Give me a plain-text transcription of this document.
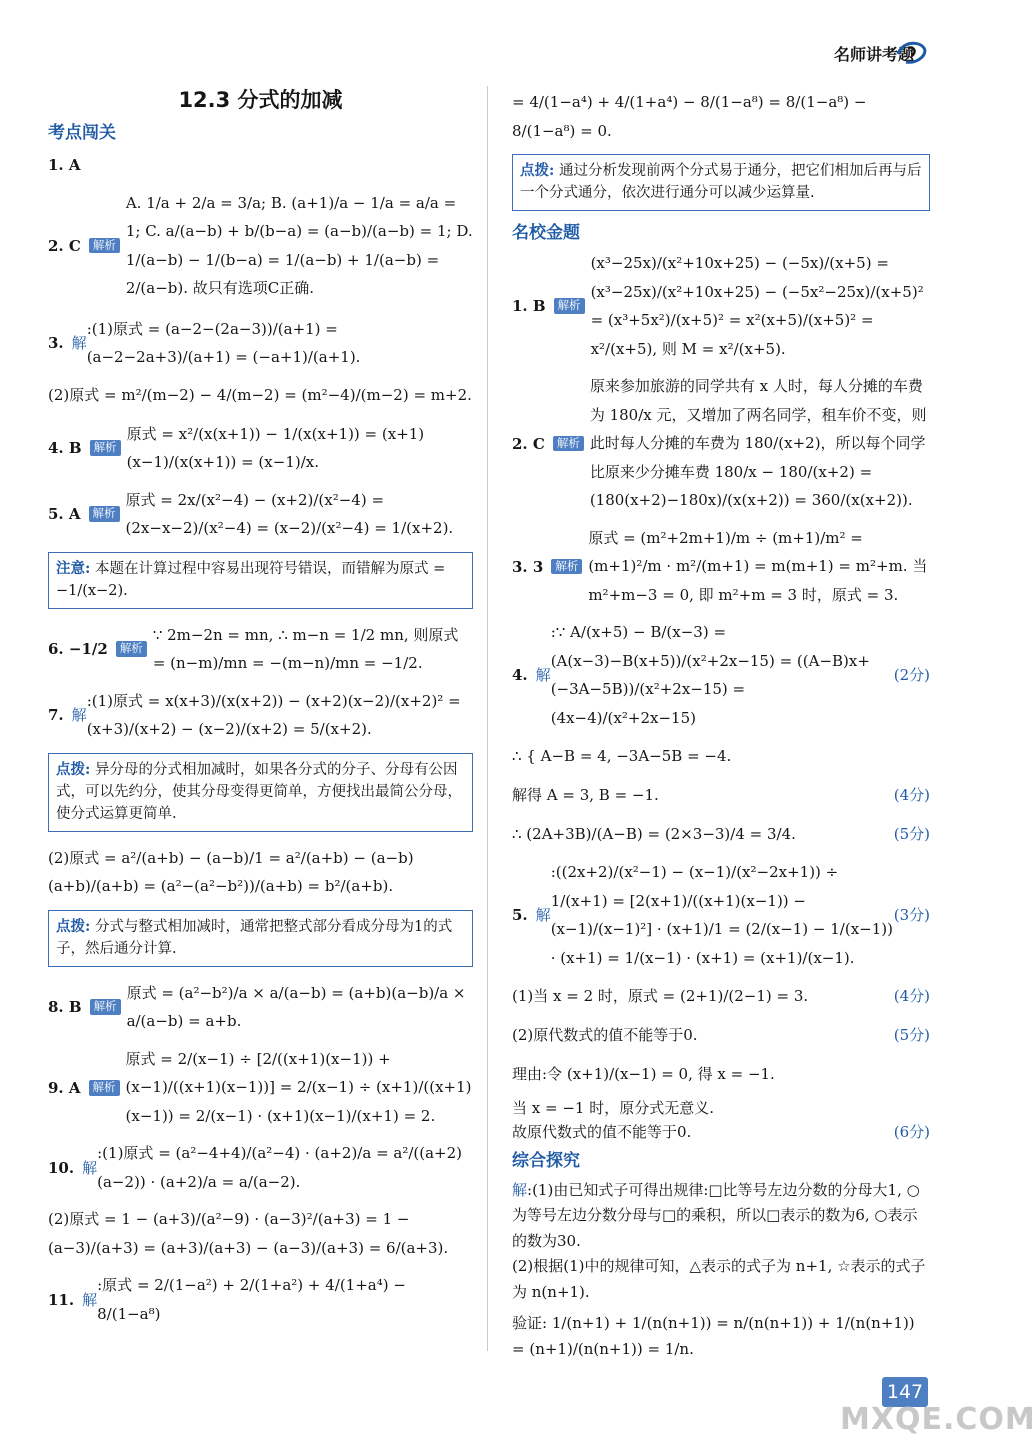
名师讲考题
12.3 分式的加减
考点闯关
1. A
2. C	解析
A. 1/a + 2/a = 3/a; B. (a+1)/a − 1/a = a/a = 1; C. a/(a−b) + b/(b−a) = (a−b)/(a−b) = 1; D. 1/(a−b) − 1/(b−a) = 1/(a−b) + 1/(a−b) = 2/(a−b). 故只有选项C正确.
3. 解
:(1)原式 = (a−2−(2a−3))/(a+1) = (a−2−2a+3)/(a+1) = (−a+1)/(a+1).
(2)原式 = m²/(m−2) − 4/(m−2) = (m²−4)/(m−2) = m+2.
4. B	解析
原式 = x²/(x(x+1)) − 1/(x(x+1)) = (x+1)(x−1)/(x(x+1)) = (x−1)/x.
5. A	解析
原式 = 2x/(x²−4) − (x+2)/(x²−4) = (2x−x−2)/(x²−4) = (x−2)/(x²−4) = 1/(x+2).
注意: 本题在计算过程中容易出现符号错误，而错解为原式 = −1/(x−2).
6. −1/2	解析
∵ 2m−2n = mn, ∴ m−n = 1/2 mn, 则原式 = (n−m)/mn = −(m−n)/mn = −1/2.
7. 解
:(1)原式 = x(x+3)/(x(x+2)) − (x+2)(x−2)/(x+2)² = (x+3)/(x+2) − (x−2)/(x+2) = 5/(x+2).
点拨: 异分母的分式相加减时，如果各分式的分子、分母有公因式，可以先约分，使其分母变得更简单，方便找出最简公分母，使分式运算更简单.
(2)原式 = a²/(a+b) − (a−b)/1 = a²/(a+b) − (a−b)(a+b)/(a+b) = (a²−(a²−b²))/(a+b) = b²/(a+b).
点拨: 分式与整式相加减时，通常把整式部分看成分母为1的式子，然后通分计算.
8. B	解析
原式 = (a²−b²)/a × a/(a−b) = (a+b)(a−b)/a × a/(a−b) = a+b.
9. A	解析
原式 = 2/(x−1) ÷ [2/((x+1)(x−1)) + (x−1)/((x+1)(x−1))] = 2/(x−1) ÷ (x+1)/((x+1)(x−1)) = 2/(x−1) · (x+1)(x−1)/(x+1) = 2.
10. 解
:(1)原式 = (a²−4+4)/(a²−4) · (a+2)/a = a²/((a+2)(a−2)) · (a+2)/a = a/(a−2).
(2)原式 = 1 − (a+3)/(a²−9) · (a−3)²/(a+3) = 1 − (a−3)/(a+3) = (a+3)/(a+3) − (a−3)/(a+3) = 6/(a+3).
11. 解
:原式 = 2/(1−a²) + 2/(1+a²) + 4/(1+a⁴) − 8/(1−a⁸)
= 4/(1−a⁴) + 4/(1+a⁴) − 8/(1−a⁸) = 8/(1−a⁸) − 8/(1−a⁸) = 0.
点拨: 通过分析发现前两个分式易于通分，把它们相加后再与后一个分式通分，依次进行通分可以减少运算量.
名校金题
1. B	解析
(x³−25x)/(x²+10x+25) − (−5x)/(x+5) = (x³−25x)/(x²+10x+25) − (−5x²−25x)/(x+5)² = (x³+5x²)/(x+5)² = x²(x+5)/(x+5)² = x²/(x+5), 则 M = x²/(x+5).
2. C	解析
原来参加旅游的同学共有 x 人时，每人分摊的车费为 180/x 元，又增加了两名同学，租车价不变，则此时每人分摊的车费为 180/(x+2)，所以每个同学比原来少分摊车费 180/x − 180/(x+2) = (180(x+2)−180x)/(x(x+2)) = 360/(x(x+2)).
3. 3	解析
原式 = (m²+2m+1)/m ÷ (m+1)/m² = (m+1)²/m · m²/(m+1) = m(m+1) = m²+m. 当 m²+m−3 = 0, 即 m²+m = 3 时，原式 = 3.
4. 解
:∵ A/(x+5) − B/(x−3) = (A(x−3)−B(x+5))/(x²+2x−15) = ((A−B)x+(−3A−5B))/(x²+2x−15) = (4x−4)/(x²+2x−15)
(2分)
∴ { A−B = 4, −3A−5B = −4.
解得 A = 3, B = −1.	(4分)
∴ (2A+3B)/(A−B) = (2×3−3)/4 = 3/4.	(5分)
5. 解
:((2x+2)/(x²−1) − (x−1)/(x²−2x+1)) ÷ 1/(x+1) = [2(x+1)/((x+1)(x−1)) − (x−1)/(x−1)²] · (x+1)/1 = (2/(x−1) − 1/(x−1)) · (x+1) = 1/(x−1) · (x+1) = (x+1)/(x−1).
(3分)
(1)当 x = 2 时，原式 = (2+1)/(2−1) = 3.	(4分)
(2)原代数式的值不能等于0.	(5分)
理由:令 (x+1)/(x−1) = 0, 得 x = −1.
当 x = −1 时，原分式无意义.
故原代数式的值不能等于0.	(6分)
综合探究
解:(1)由已知式子可得出规律:□比等号左边分数的分母大1, ○为等号左边分数分母与□的乘积，所以□表示的数为6, ○表示的数为30.
(2)根据(1)中的规律可知，△表示的式子为 n+1, ☆表示的式子为 n(n+1).
验证: 1/(n+1) + 1/(n(n+1)) = n/(n(n+1)) + 1/(n(n+1)) = (n+1)/(n(n+1)) = 1/n.
147
MXQE.COM
